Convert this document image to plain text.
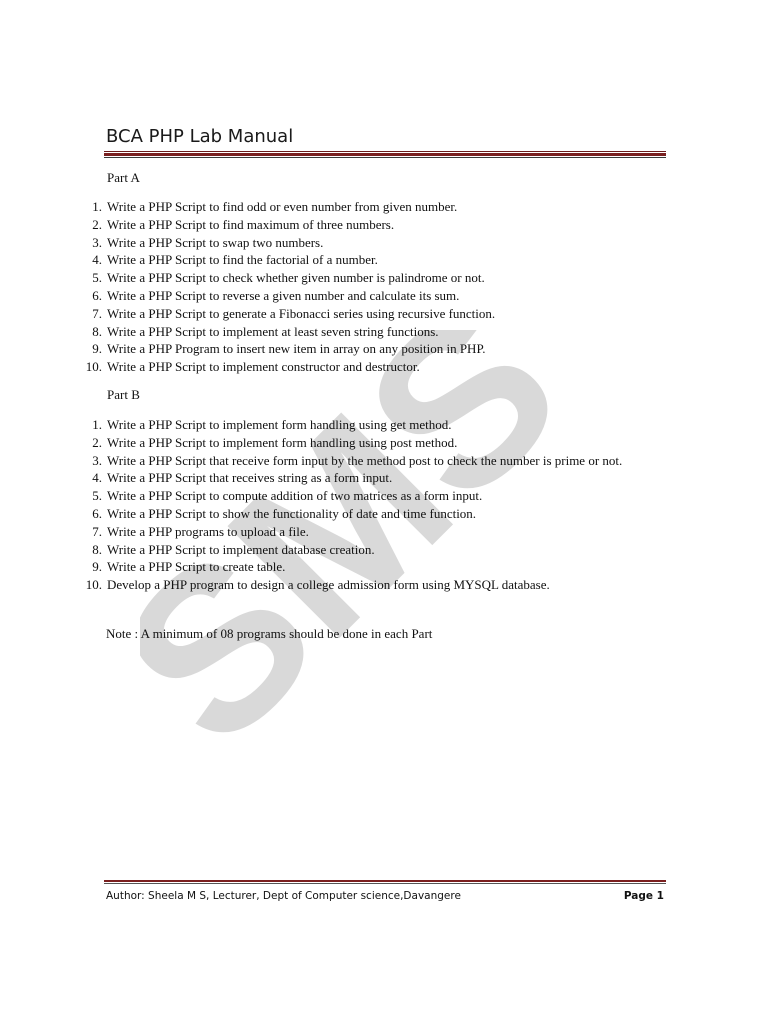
SMS
BCA PHP Lab Manual
Part A
1. Write a PHP Script to find odd or even number from given number.
2. Write a PHP Script to find maximum of three numbers.
3. Write a PHP Script to swap two numbers.
4. Write a PHP Script to find the factorial of a number.
5. Write a PHP Script to check whether given number is palindrome or not.
6. Write a PHP Script to reverse a given number and calculate its sum.
7. Write a PHP Script to generate a Fibonacci series using recursive function.
8. Write a PHP Script to implement at least seven string functions.
9. Write a PHP Program to insert new item in array on any position in PHP.
10. Write a PHP Script to implement constructor and destructor.
Part B
1. Write a PHP Script to implement form handling using get method.
2. Write a PHP Script to implement form handling using post method.
3. Write a PHP Script that receive form input by the method post to check the number is prime or not.
4. Write a PHP Script that receives string as a form input.
5. Write a PHP Script to compute addition of two matrices as a form input.
6. Write a PHP Script to show the functionality of date and time function.
7. Write a PHP programs to upload a file.
8. Write a PHP Script to implement database creation.
9. Write a PHP Script to create table.
10. Develop a PHP program to design a college admission form using MYSQL database.
Note : A minimum of 08 programs should be done in each Part
Author: Sheela M S, Lecturer, Dept of Computer science,Davangere	Page 1
